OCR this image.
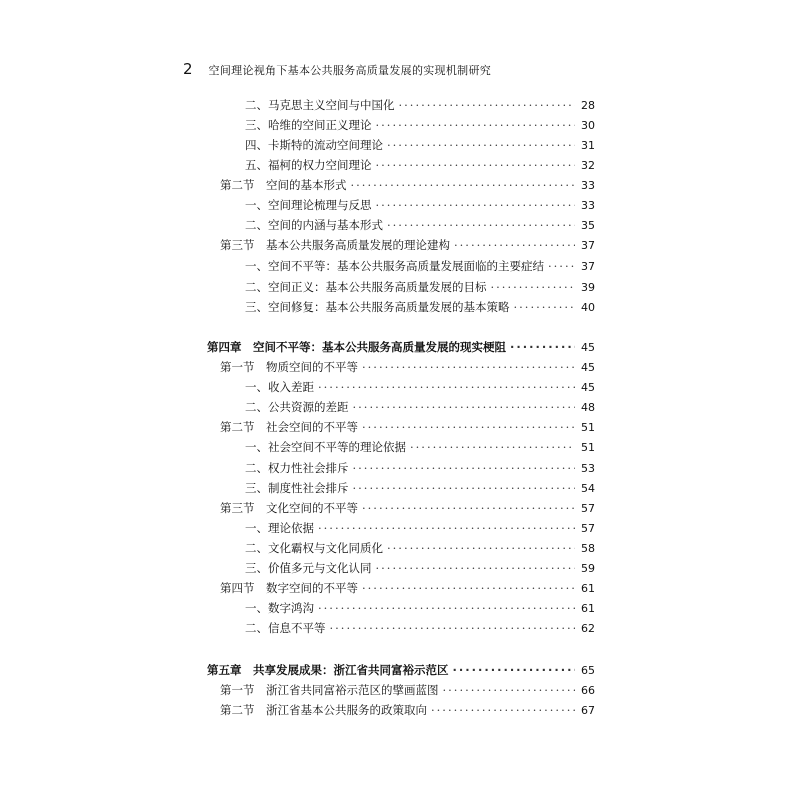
2 空间理论视角下基本公共服务高质量发展的实现机制研究
二、马克思主义空间与中国化 ·····	28
三、哈维的空间正义理论 ·····	30
四、卡斯特的流动空间理论 ·····	31
五、福柯的权力空间理论 ·····	32
第二节　空间的基本形式 ·····	33
一、空间理论梳理与反思 ·····	33
二、空间的内涵与基本形式 ·····	35
第三节　基本公共服务高质量发展的理论建构 ·····	37
一、空间不平等：基本公共服务高质量发展面临的主要症结 ·····	37
二、空间正义：基本公共服务高质量发展的目标 ·····	39
三、空间修复：基本公共服务高质量发展的基本策略 ·····	40
第四章　空间不平等：基本公共服务高质量发展的现实梗阻 ·····	45
第一节　物质空间的不平等 ·····	45
一、收入差距 ·····	45
二、公共资源的差距 ·····	48
第二节　社会空间的不平等 ·····	51
一、社会空间不平等的理论依据 ·····	51
二、权力性社会排斥 ·····	53
三、制度性社会排斥 ·····	54
第三节　文化空间的不平等 ·····	57
一、理论依据 ·····	57
二、文化霸权与文化同质化 ·····	58
三、价值多元与文化认同 ·····	59
第四节　数字空间的不平等 ·····	61
一、数字鸿沟 ·····	61
二、信息不平等 ·····	62
第五章　共享发展成果：浙江省共同富裕示范区 ·····	65
第一节　浙江省共同富裕示范区的擘画蓝图 ·····	66
第二节　浙江省基本公共服务的政策取向 ·····	67
